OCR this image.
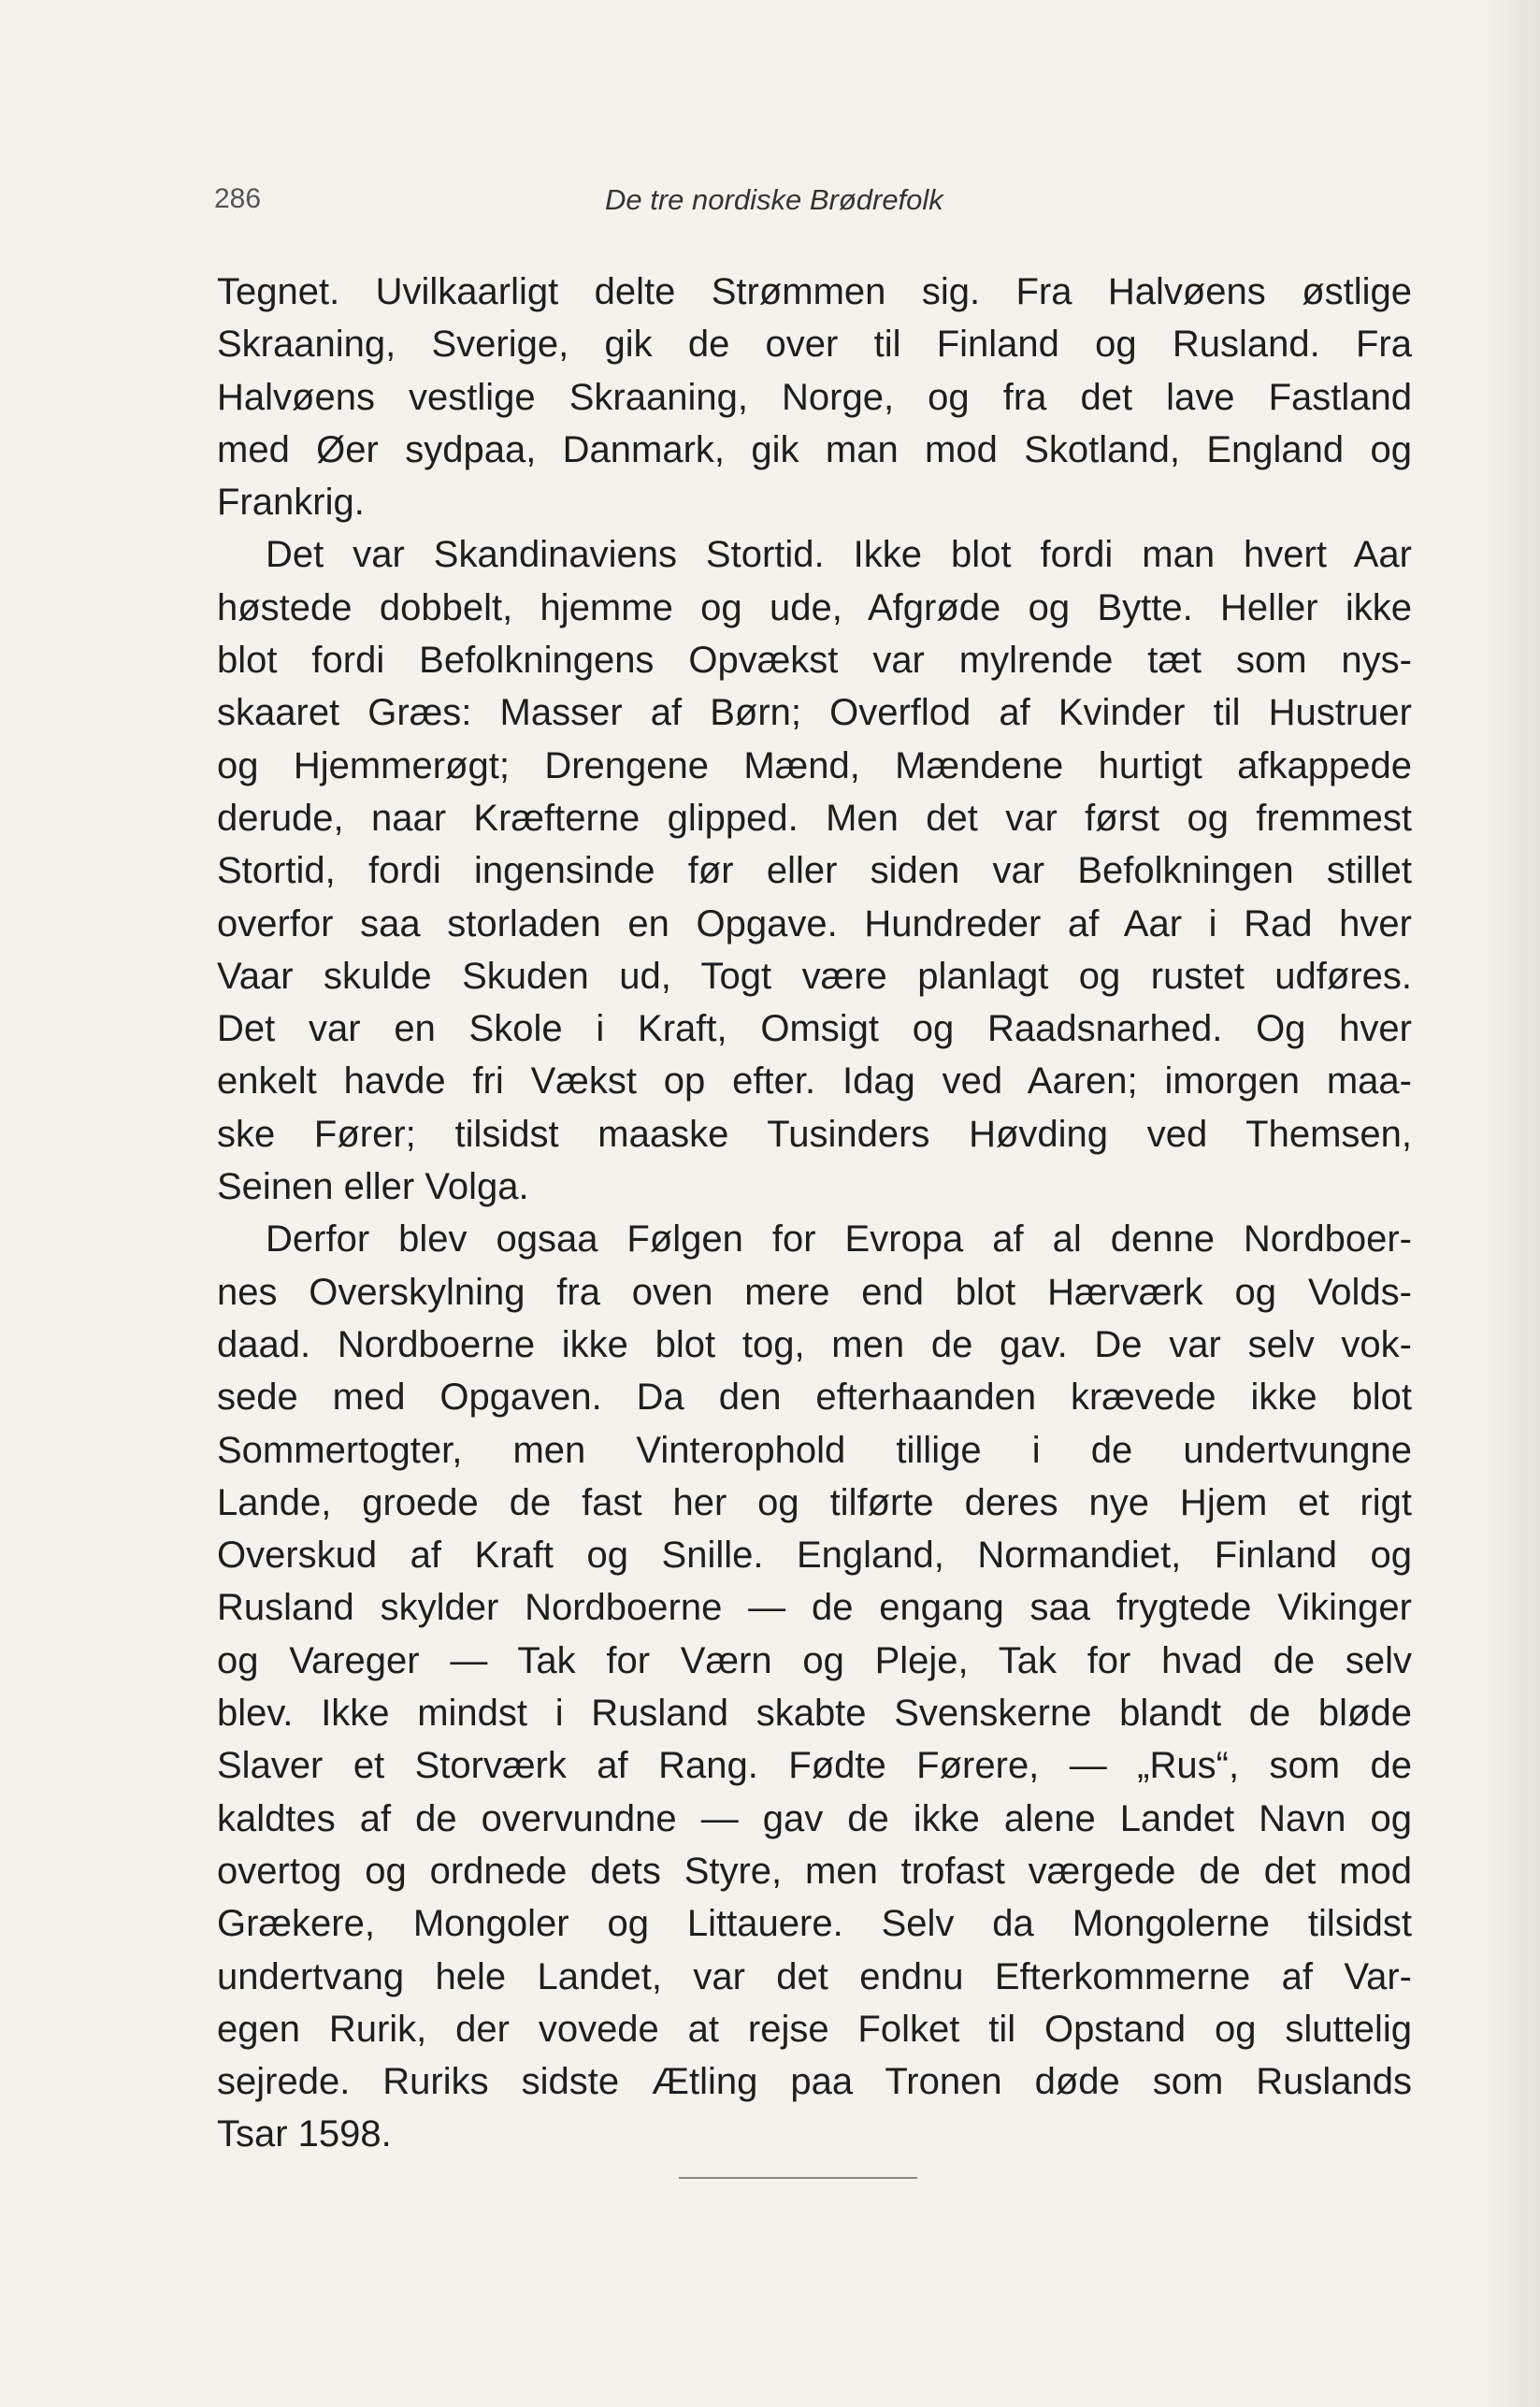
286	De tre nordiske Brødrefolk
Tegnet. Uvilkaarligt delte Strømmen sig. Fra Halvøens østlige
Skraaning, Sverige, gik de over til Finland og Rusland. Fra
Halvøens vestlige Skraaning, Norge, og fra det lave Fastland
med Øer sydpaa, Danmark, gik man mod Skotland, England og
Frankrig.
Det var Skandinaviens Stortid. Ikke blot fordi man hvert Aar
høstede dobbelt, hjemme og ude, Afgrøde og Bytte. Heller ikke
blot fordi Befolkningens Opvækst var mylrende tæt som nys-
skaaret Græs: Masser af Børn; Overflod af Kvinder til Hustruer
og Hjemmerøgt; Drengene Mænd, Mændene hurtigt afkappede
derude, naar Kræfterne glipped. Men det var først og fremmest
Stortid, fordi ingensinde før eller siden var Befolkningen stillet
overfor saa storladen en Opgave. Hundreder af Aar i Rad hver
Vaar skulde Skuden ud, Togt være planlagt og rustet udføres.
Det var en Skole i Kraft, Omsigt og Raadsnarhed. Og hver
enkelt havde fri Vækst op efter. Idag ved Aaren; imorgen maa-
ske Fører; tilsidst maaske Tusinders Høvding ved Themsen,
Seinen eller Volga.
Derfor blev ogsaa Følgen for Evropa af al denne Nordboer-
nes Overskylning fra oven mere end blot Hærværk og Volds-
daad. Nordboerne ikke blot tog, men de gav. De var selv vok-
sede med Opgaven. Da den efterhaanden krævede ikke blot
Sommertogter, men Vinterophold tillige i de undertvungne
Lande, groede de fast her og tilførte deres nye Hjem et rigt
Overskud af Kraft og Snille. England, Normandiet, Finland og
Rusland skylder Nordboerne — de engang saa frygtede Vikinger
og Vareger — Tak for Værn og Pleje, Tak for hvad de selv
blev. Ikke mindst i Rusland skabte Svenskerne blandt de bløde
Slaver et Storværk af Rang. Fødte Førere, — „Rus“, som de
kaldtes af de overvundne — gav de ikke alene Landet Navn og
overtog og ordnede dets Styre, men trofast værgede de det mod
Grækere, Mongoler og Littauere. Selv da Mongolerne tilsidst
undertvang hele Landet, var det endnu Efterkommerne af Var-
egen Rurik, der vovede at rejse Folket til Opstand og sluttelig
sejrede. Ruriks sidste Ætling paa Tronen døde som Ruslands
Tsar 1598.
